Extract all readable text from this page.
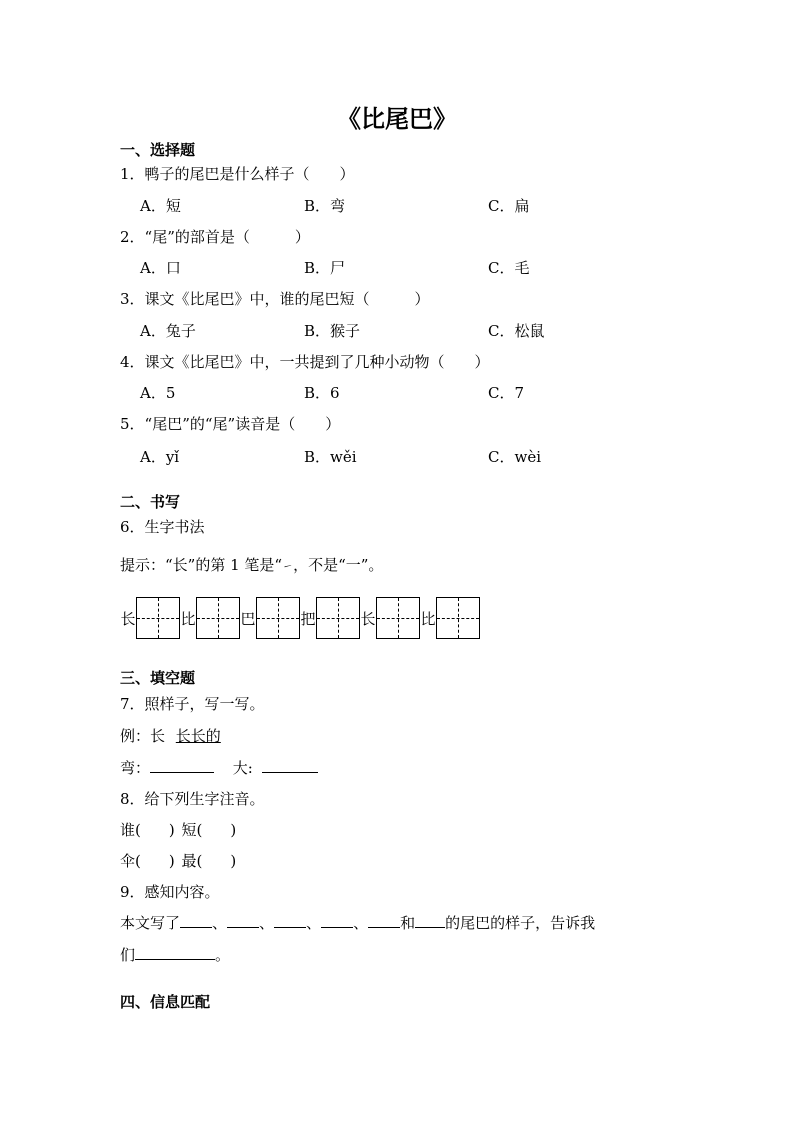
《比尾巴》
一、选择题
1．鸭子的尾巴是什么样子（　　）
A．短	B．弯	C．扁
2．“尾”的部首是（　　　）
A．口	B．尸	C．毛
3．课文《比尾巴》中，谁的尾巴短（　　　）
A．兔子	B．猴子	C．松鼠
4．课文《比尾巴》中，一共提到了几种小动物（　　）
A．5	B．6	C．7
5．“尾巴”的“尾”读音是（　　）
A．yǐ	B．wěi	C．wèi
二、书写
6．生字书法
提示：“长”的第 1 笔是“㇀，不是“一”。
长	比	巴	把	长	比
三、填空题
7．照样子，写一写。
例：长 长长的
弯：	大:
8．给下列生字注音。
谁( ) 短( )
伞( ) 最( )
9．感知内容。
本文写了 、 、 、 、 和 的尾巴的样子，告诉我
们	。
四、信息匹配
